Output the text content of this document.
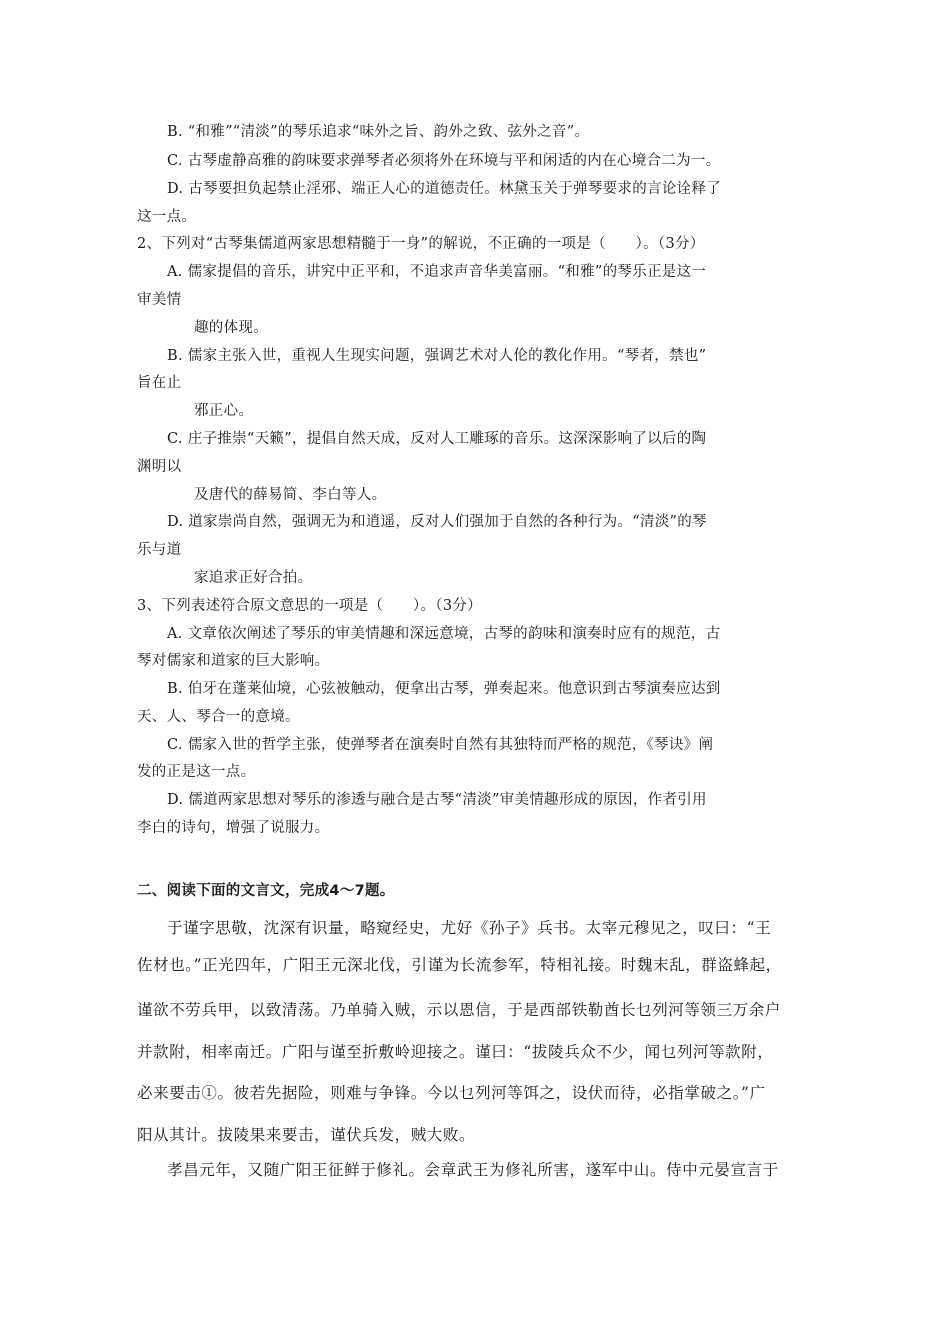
B. “和雅”“清淡”的琴乐追求“味外之旨、韵外之致、弦外之音”。
C. 古琴虚静高雅的韵味要求弹琴者必须将外在环境与平和闲适的内在心境合二为一。
D. 古琴要担负起禁止淫邪、端正人心的道德责任。林黛玉关于弹琴要求的言论诠释了
这一点。
2、下列对“古琴集儒道两家思想精髓于一身”的解说，不正确的一项是（　　）。（3分）
A. 儒家提倡的音乐，讲究中正平和，不追求声音华美富丽。“和雅”的琴乐正是这一
审美情
趣的体现。
B. 儒家主张入世，重视人生现实问题，强调艺术对人伦的教化作用。“琴者，禁也”
旨在止
邪正心。
C. 庄子推崇“天籁”，提倡自然天成，反对人工雕琢的音乐。这深深影响了以后的陶
渊明以
及唐代的薛易简、李白等人。
D. 道家崇尚自然，强调无为和逍遥，反对人们强加于自然的各种行为。“清淡”的琴
乐与道
家追求正好合拍。
3、下列表述符合原文意思的一项是（　　）。（3分）
A. 文章依次阐述了琴乐的审美情趣和深远意境，古琴的韵味和演奏时应有的规范，古
琴对儒家和道家的巨大影响。
B. 伯牙在蓬莱仙境，心弦被触动，便拿出古琴，弹奏起来。他意识到古琴演奏应达到
天、人、琴合一的意境。
C. 儒家入世的哲学主张，使弹琴者在演奏时自然有其独特而严格的规范，《琴诀》阐
发的正是这一点。
D. 儒道两家思想对琴乐的渗透与融合是古琴“清淡”审美情趣形成的原因，作者引用
李白的诗句，增强了说服力。
二、阅读下面的文言文，完成4～7题。
于谨字思敬，沈深有识量，略窥经史，尤好《孙子》兵书。太宰元穆见之，叹曰：“王
佐材也。”正光四年，广阳王元深北伐，引谨为长流参军，特相礼接。时魏末乱，群盗蜂起，
谨欲不劳兵甲，以致清荡。乃单骑入贼，示以恩信，于是西部铁勒酋长乜列河等领三万余户
并款附，相率南迁。广阳与谨至折敷岭迎接之。谨曰：“拔陵兵众不少，闻乜列河等款附，
必来要击①。彼若先据险，则难与争锋。今以乜列河等饵之，设伏而待，必指掌破之。”广
阳从其计。拔陵果来要击，谨伏兵发，贼大败。
孝昌元年，又随广阳王征鲜于修礼。会章武王为修礼所害，遂军中山。侍中元晏宣言于
